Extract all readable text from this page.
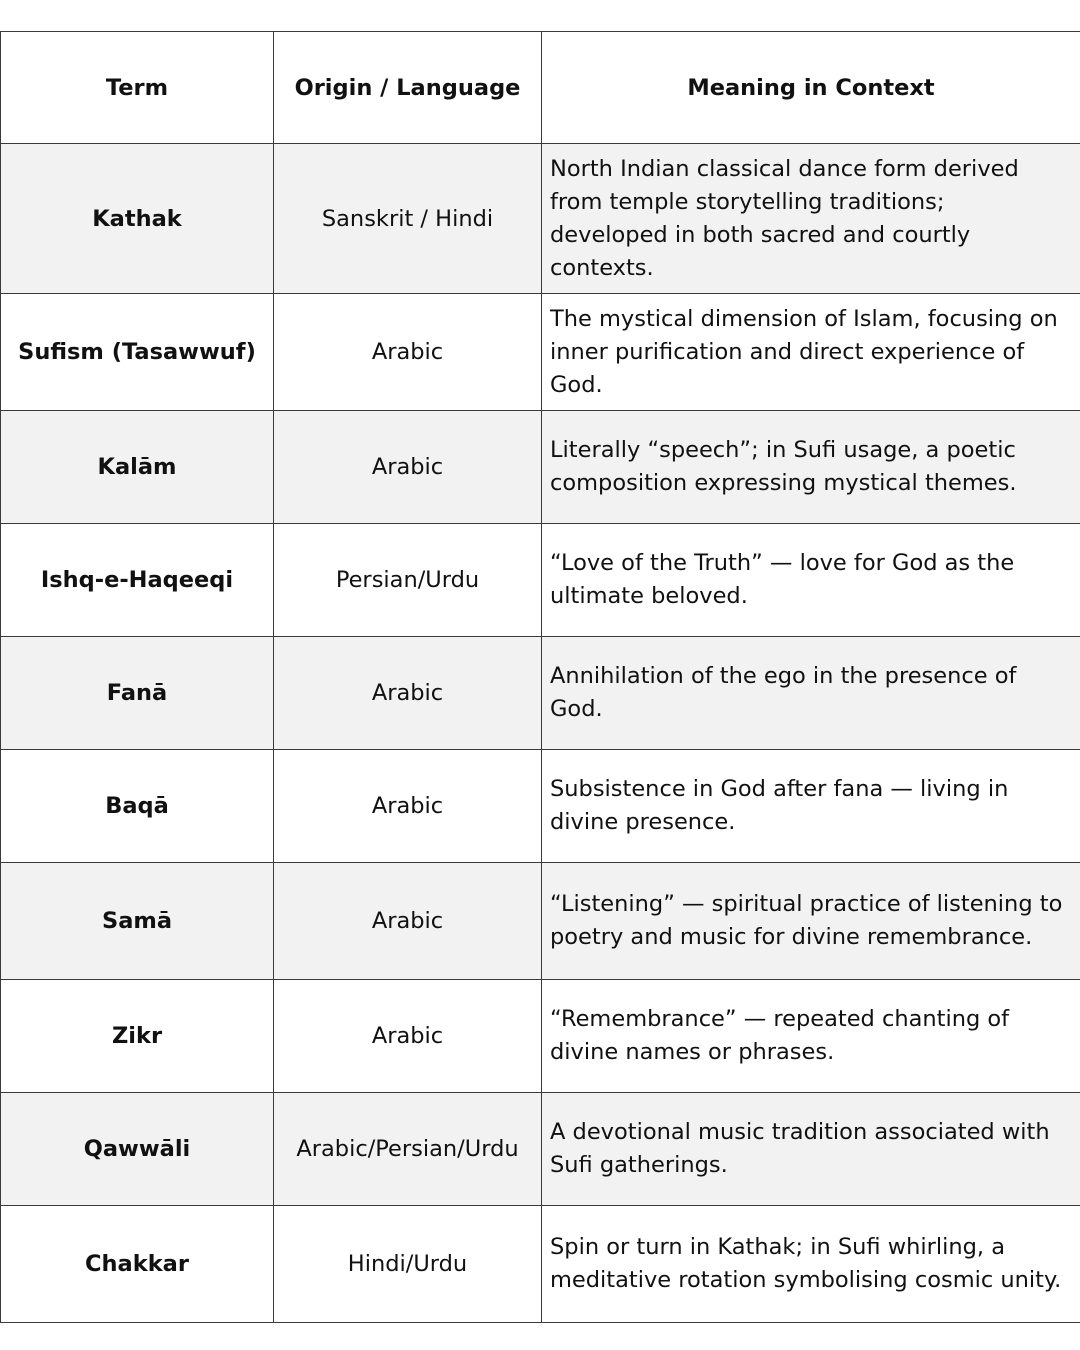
Term	Origin / Language	Meaning in Context
Kathak	Sanskrit / Hindi	North Indian classical dance form derived from temple storytelling traditions; developed in both sacred and courtly contexts.
Sufism (Tasawwuf)	Arabic	The mystical dimension of Islam, focusing on inner purification and direct experience of God.
Kalām	Arabic	Literally “speech”; in Sufi usage, a poetic composition expressing mystical themes.
Ishq-e-Haqeeqi	Persian/Urdu	“Love of the Truth” — love for God as the ultimate beloved.
Fanā	Arabic	Annihilation of the ego in the presence of God.
Baqā	Arabic	Subsistence in God after fana — living in divine presence.
Samā	Arabic	“Listening” — spiritual practice of listening to poetry and music for divine remembrance.
Zikr	Arabic	“Remembrance” — repeated chanting of divine names or phrases.
Qawwāli	Arabic/Persian/Urdu	A devotional music tradition associated with Sufi gatherings.
Chakkar	Hindi/Urdu	Spin or turn in Kathak; in Sufi whirling, a meditative rotation symbolising cosmic unity.
